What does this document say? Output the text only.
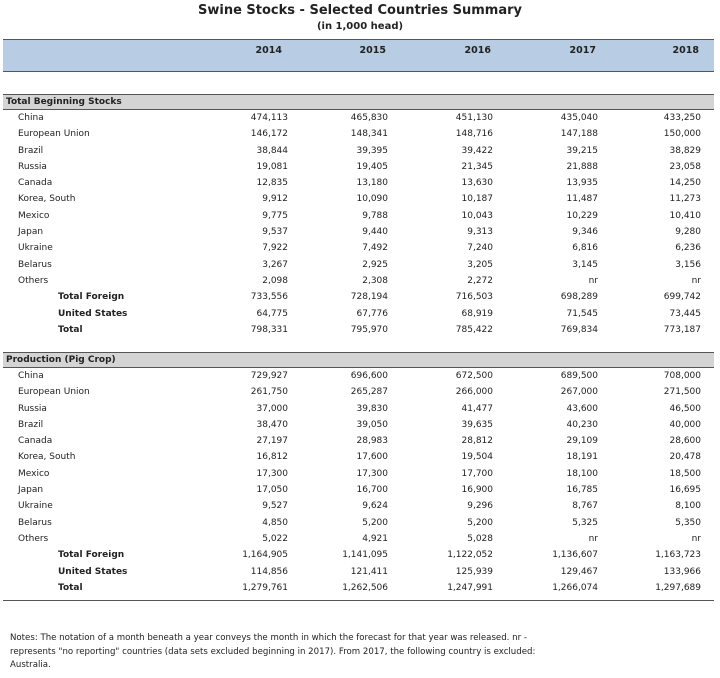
Swine Stocks - Selected Countries Summary
(in 1,000 head)
2014	2015	2016	2017	2018
Total Beginning Stocks
China	474,113	465,830	451,130	435,040	433,250
European Union	146,172	148,341	148,716	147,188	150,000
Brazil	38,844	39,395	39,422	39,215	38,829
Russia	19,081	19,405	21,345	21,888	23,058
Canada	12,835	13,180	13,630	13,935	14,250
Korea, South	9,912	10,090	10,187	11,487	11,273
Mexico	9,775	9,788	10,043	10,229	10,410
Japan	9,537	9,440	9,313	9,346	9,280
Ukraine	7,922	7,492	7,240	6,816	6,236
Belarus	3,267	2,925	3,205	3,145	3,156
Others	2,098	2,308	2,272	nr	nr
Total Foreign	733,556	728,194	716,503	698,289	699,742
United States	64,775	67,776	68,919	71,545	73,445
Total	798,331	795,970	785,422	769,834	773,187
Production (Pig Crop)
China	729,927	696,600	672,500	689,500	708,000
European Union	261,750	265,287	266,000	267,000	271,500
Russia	37,000	39,830	41,477	43,600	46,500
Brazil	38,470	39,050	39,635	40,230	40,000
Canada	27,197	28,983	28,812	29,109	28,600
Korea, South	16,812	17,600	19,504	18,191	20,478
Mexico	17,300	17,300	17,700	18,100	18,500
Japan	17,050	16,700	16,900	16,785	16,695
Ukraine	9,527	9,624	9,296	8,767	8,100
Belarus	4,850	5,200	5,200	5,325	5,350
Others	5,022	4,921	5,028	nr	nr
Total Foreign	1,164,905	1,141,095	1,122,052	1,136,607	1,163,723
United States	114,856	121,411	125,939	129,467	133,966
Total	1,279,761	1,262,506	1,247,991	1,266,074	1,297,689
Notes: The notation of a month beneath a year conveys the month in which the forecast for that year was released. nr -
represents "no reporting" countries (data sets excluded beginning in 2017). From 2017, the following country is excluded:
Australia.
